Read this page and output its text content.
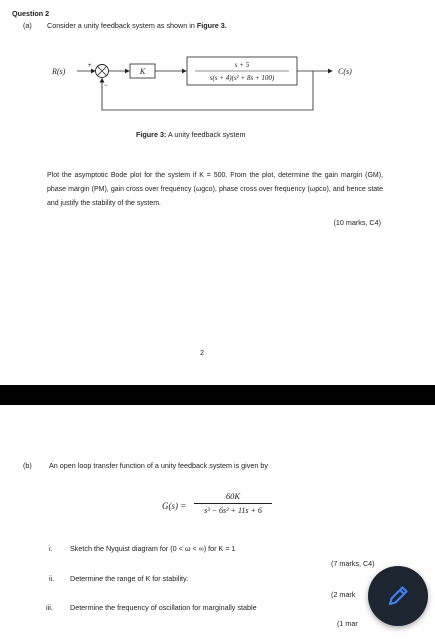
Question 2
(a) Consider a unity feedback system as shown in Figure 3.
R(s)
+
−
K
s + 5
s(s + 4)(s² + 8s + 100)
C(s)
Figure 3: A unity feedback system
Plot the asymptotic Bode plot for the system if K = 500. From the plot, determine the gain margin (GM), phase margin (PM), gain cross over frequency (ωgco), phase cross over frequency (ωpco), and hence state and justify the stability of the system.
(10 marks, C4)
2
(b) An open loop transfer function of a unity feedback system is given by
G(s) =
60K
s³ − 6s² + 11s + 6
i. Sketch the Nyquist diagram for (0 < ω < ∞) for K = 1
(7 marks, C4)
ii. Determine the range of K for stability.
(2 mark
iii. Determine the frequency of oscillation for marginally stable
(1 mar
